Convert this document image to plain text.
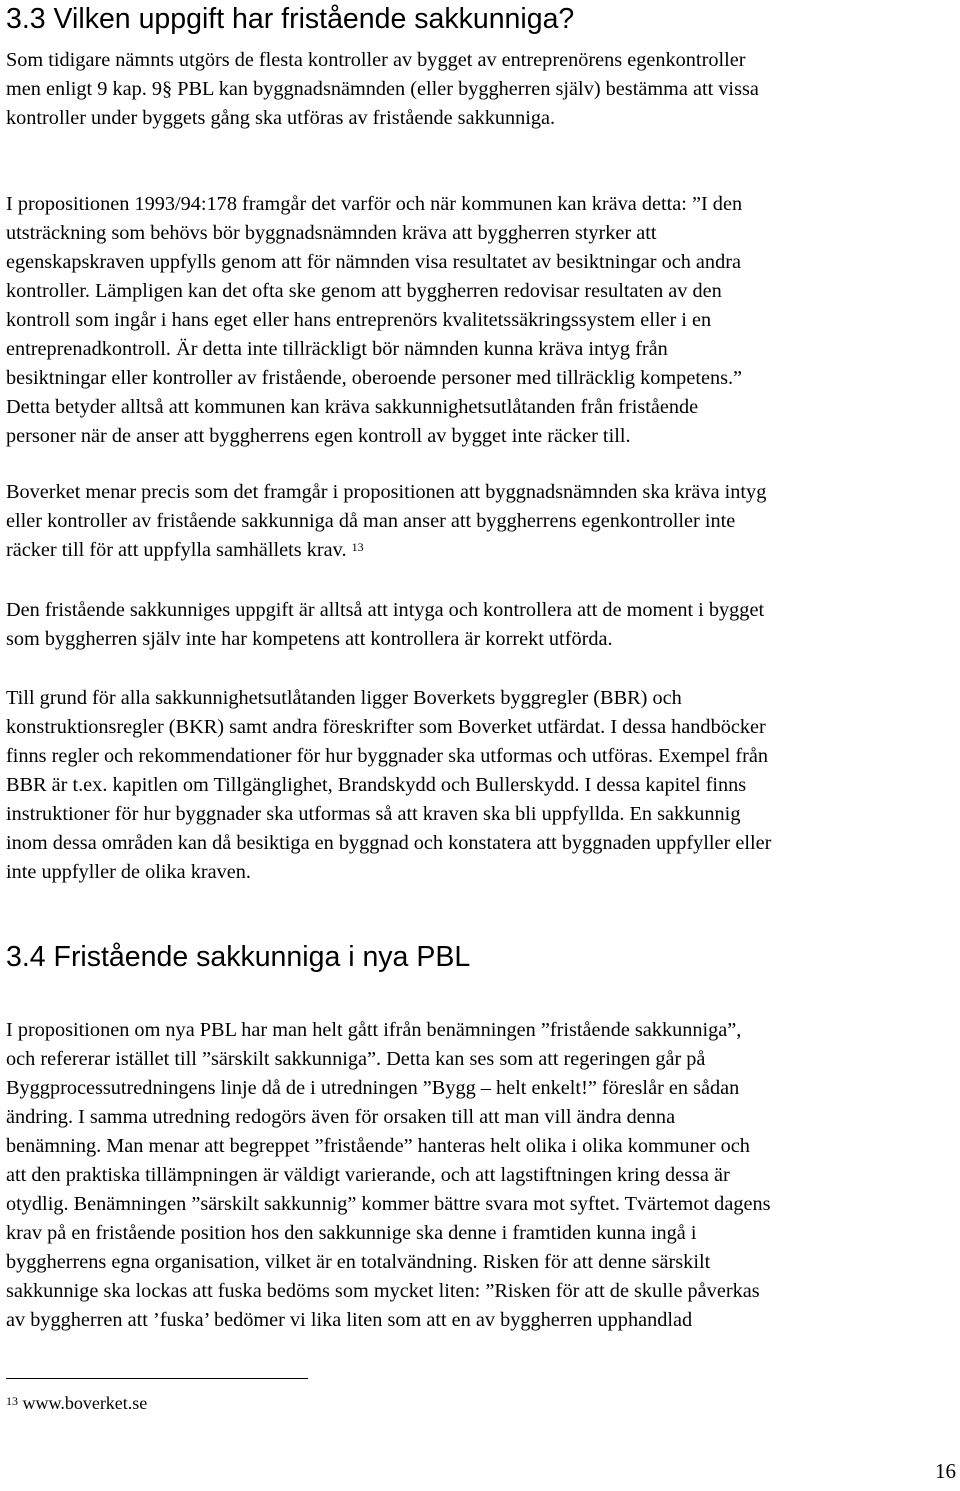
3.3 Vilken uppgift har fristående sakkunniga?
Som tidigare nämnts utgörs de flesta kontroller av bygget av entreprenörens egenkontroller
men enligt 9 kap. 9§ PBL kan byggnadsnämnden (eller byggherren själv) bestämma att vissa
kontroller under byggets gång ska utföras av fristående sakkunniga.
I propositionen 1993/94:178 framgår det varför och när kommunen kan kräva detta: ”I den
utsträckning som behövs bör byggnadsnämnden kräva att byggherren styrker att
egenskapskraven uppfylls genom att för nämnden visa resultatet av besiktningar och andra
kontroller. Lämpligen kan det ofta ske genom att byggherren redovisar resultaten av den
kontroll som ingår i hans eget eller hans entreprenörs kvalitetssäkringssystem eller i en
entreprenadkontroll. Är detta inte tillräckligt bör nämnden kunna kräva intyg från
besiktningar eller kontroller av fristående, oberoende personer med tillräcklig kompetens.”
Detta betyder alltså att kommunen kan kräva sakkunnighetsutlåtanden från fristående
personer när de anser att byggherrens egen kontroll av bygget inte räcker till.
Boverket menar precis som det framgår i propositionen att byggnadsnämnden ska kräva intyg
eller kontroller av fristående sakkunniga då man anser att byggherrens egenkontroller inte
räcker till för att uppfylla samhällets krav. $^{13}$
Den fristående sakkunniges uppgift är alltså att intyga och kontrollera att de moment i bygget
som byggherren själv inte har kompetens att kontrollera är korrekt utförda.
Till grund för alla sakkunnighetsutlåtanden ligger Boverkets byggregler (BBR) och
konstruktionsregler (BKR) samt andra föreskrifter som Boverket utfärdat. I dessa handböcker
finns regler och rekommendationer för hur byggnader ska utformas och utföras. Exempel från
BBR är t.ex. kapitlen om Tillgänglighet, Brandskydd och Bullerskydd. I dessa kapitel finns
instruktioner för hur byggnader ska utformas så att kraven ska bli uppfyllda. En sakkunnig
inom dessa områden kan då besiktiga en byggnad och konstatera att byggnaden uppfyller eller
inte uppfyller de olika kraven.
3.4 Fristående sakkunniga i nya PBL
I propositionen om nya PBL har man helt gått ifrån benämningen ”fristående sakkunniga”,
och refererar istället till ”särskilt sakkunniga”. Detta kan ses som att regeringen går på
Byggprocessutredningens linje då de i utredningen ”Bygg – helt enkelt!” föreslår en sådan
ändring. I samma utredning redogörs även för orsaken till att man vill ändra denna
benämning. Man menar att begreppet ”fristående” hanteras helt olika i olika kommuner och
att den praktiska tillämpningen är väldigt varierande, och att lagstiftningen kring dessa är
otydlig. Benämningen ”särskilt sakkunnig” kommer bättre svara mot syftet. Tvärtemot dagens
krav på en fristående position hos den sakkunnige ska denne i framtiden kunna ingå i
byggherrens egna organisation, vilket är en totalvändning. Risken för att denne särskilt
sakkunnige ska lockas att fuska bedöms som mycket liten: ”Risken för att de skulle påverkas
av byggherren att ’fuska’ bedömer vi lika liten som att en av byggherren upphandlad

$^{13}$ www.boverket.se

16
